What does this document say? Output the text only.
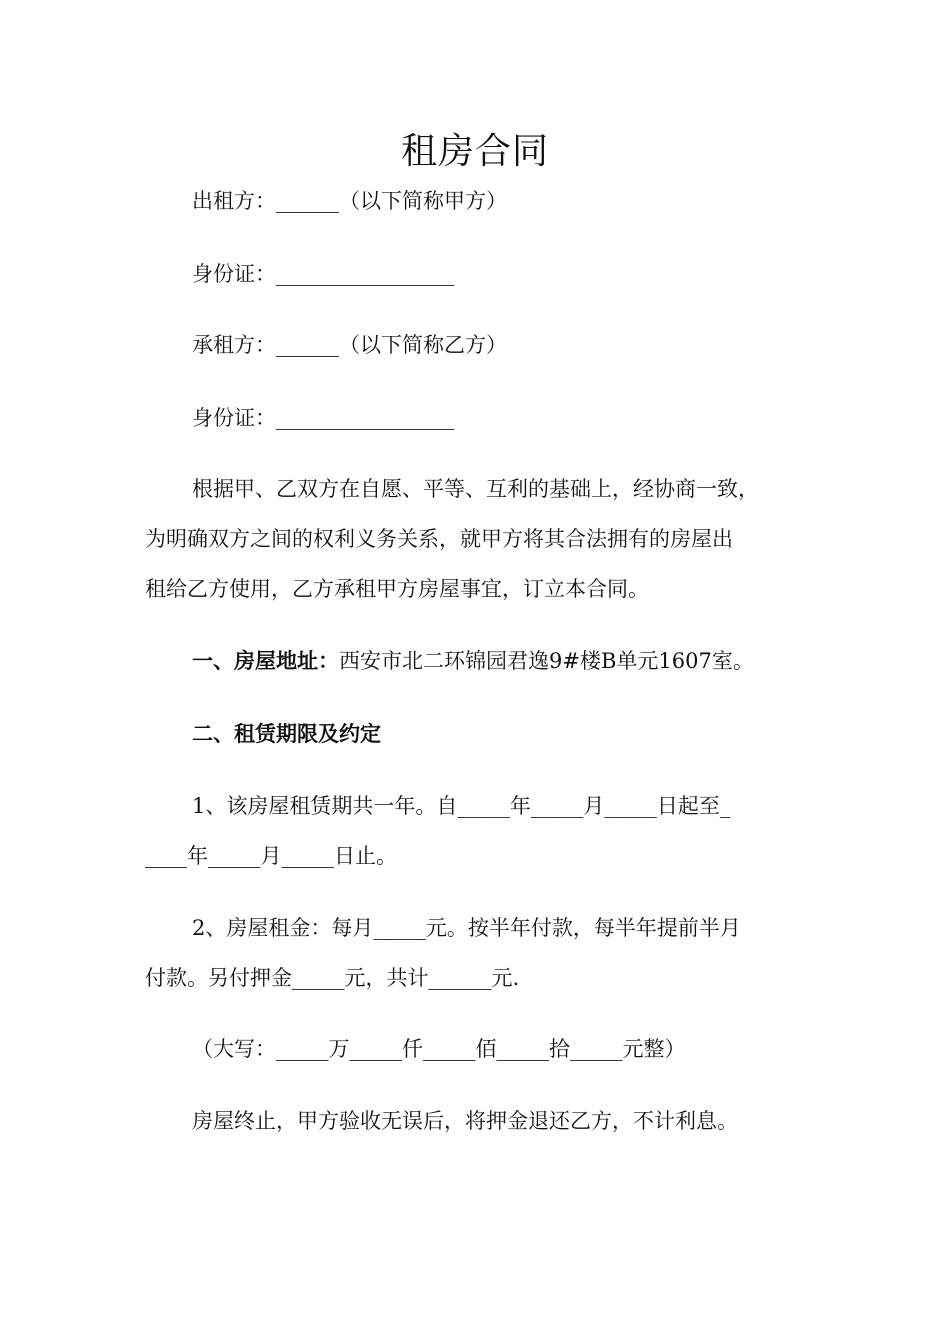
租房合同
出租方：______（以下简称甲方）
身份证：_________________
承租方：______（以下简称乙方）
身份证：_________________
根据甲、乙双方在自愿、平等、互利的基础上，经协商一致，
为明确双方之间的权利义务关系，就甲方将其合法拥有的房屋出
租给乙方使用，乙方承租甲方房屋事宜，订立本合同。
一、房屋地址：西安市北二环锦园君逸9#楼B单元1607室。
二、租赁期限及约定
1、该房屋租赁期共一年。自_____年_____月_____日起至_
____年_____月_____日止。
2、房屋租金：每月_____元。按半年付款，每半年提前半月
付款。另付押金_____元，共计______元.
（大写：_____万_____仟_____佰_____拾_____元整）
房屋终止，甲方验收无误后，将押金退还乙方，不计利息。
